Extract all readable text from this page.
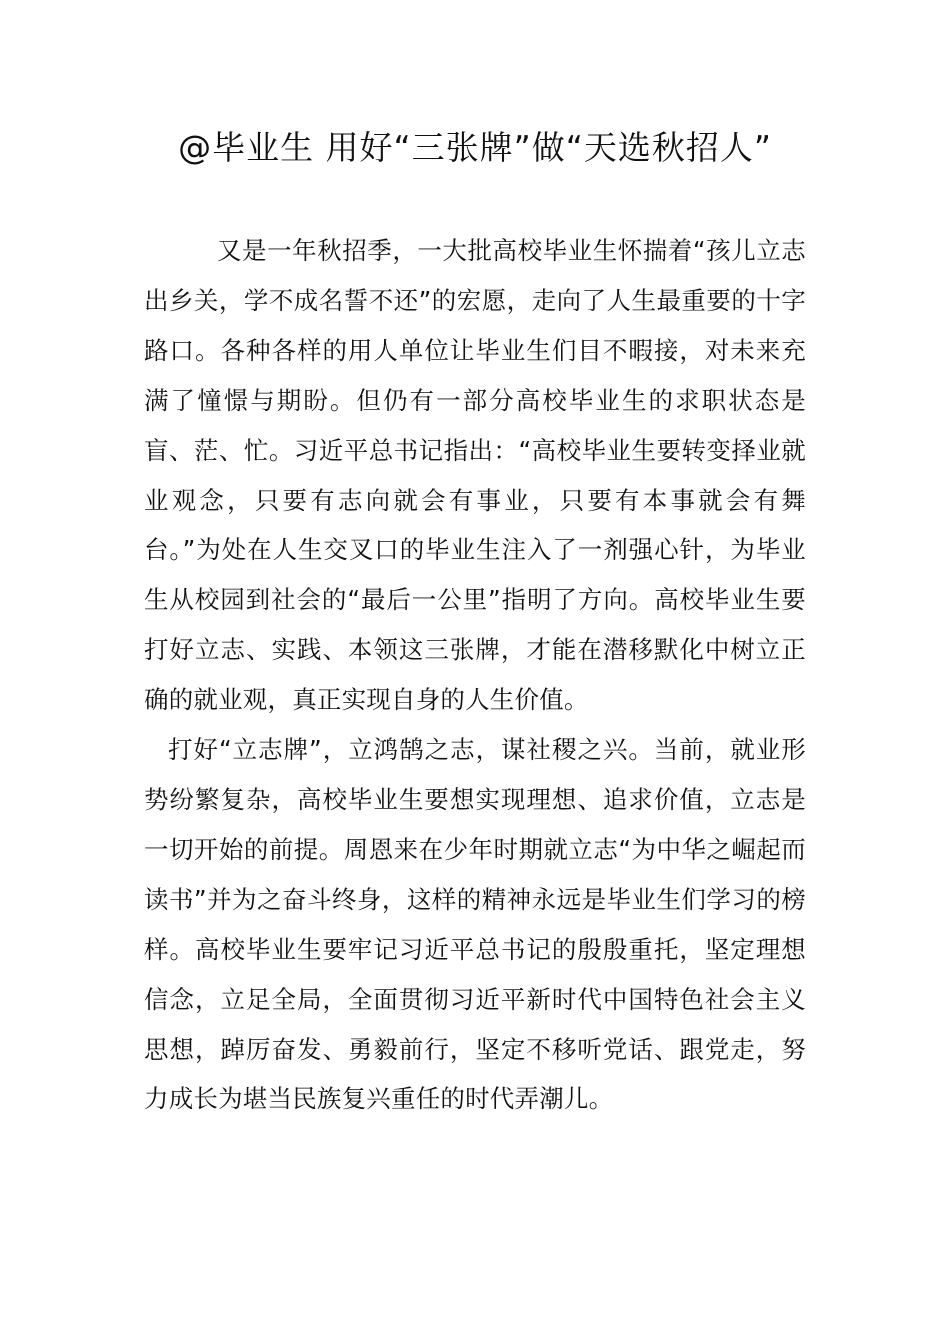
@毕业生 用好“三张牌”做“天选秋招人”

又是一年秋招季，一大批高校毕业生怀揣着“孩儿立志出乡关，学不成名誓不还”的宏愿，走向了人生最重要的十字路口。各种各样的用人单位让毕业生们目不暇接，对未来充满了憧憬与期盼。但仍有一部分高校毕业生的求职状态是盲、茫、忙。习近平总书记指出：“高校毕业生要转变择业就业观念，只要有志向就会有事业，只要有本事就会有舞台。”为处在人生交叉口的毕业生注入了一剂强心针，为毕业生从校园到社会的“最后一公里”指明了方向。高校毕业生要打好立志、实践、本领这三张牌，才能在潜移默化中树立正确的就业观，真正实现自身的人生价值。

打好“立志牌”，立鸿鹄之志，谋社稷之兴。当前，就业形势纷繁复杂，高校毕业生要想实现理想、追求价值，立志是一切开始的前提。周恩来在少年时期就立志“为中华之崛起而读书”并为之奋斗终身，这样的精神永远是毕业生们学习的榜样。高校毕业生要牢记习近平总书记的殷殷重托，坚定理想信念，立足全局，全面贯彻习近平新时代中国特色社会主义思想，踔厉奋发、勇毅前行，坚定不移听党话、跟党走，努力成长为堪当民族复兴重任的时代弄潮儿。
